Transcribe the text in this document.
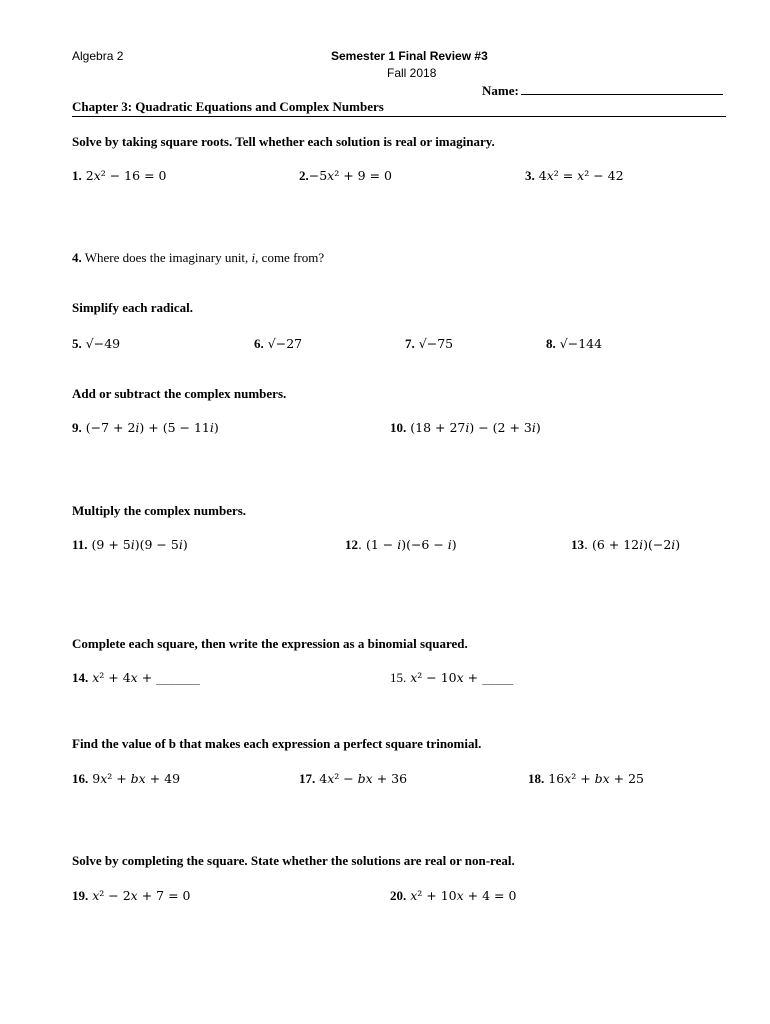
Algebra 2	Semester 1 Final Review #3
Fall 2018
Name:
Chapter 3: Quadratic Equations and Complex Numbers
Solve by taking square roots. Tell whether each solution is real or imaginary.
1. 2𝑥² − 16 = 0	2.−5𝑥² + 9 = 0	3. 4𝑥² = 𝑥² − 42
4. Where does the imaginary unit, i, come from?
Simplify each radical.
5. √−49	6. √−27	7. √−75	8. √−144
Add or subtract the complex numbers.
9. (−7 + 2𝑖) + (5 − 11𝑖)	10. (18 + 27𝑖) − (2 + 3𝑖)
Multiply the complex numbers.
11. (9 + 5𝑖)(9 − 5𝑖)	12. (1 − 𝑖)(−6 − 𝑖)	13. (6 + 12𝑖)(−2𝑖)
Complete each square, then write the expression as a binomial squared.
14. 𝑥² + 4𝑥 + _______	15. 𝑥² − 10𝑥 + _____
Find the value of b that makes each expression a perfect square trinomial.
16. 9𝑥² + 𝑏𝑥 + 49	17. 4𝑥² − 𝑏𝑥 + 36	18. 16𝑥² + 𝑏𝑥 + 25
Solve by completing the square. State whether the solutions are real or non-real.
19. 𝑥² − 2𝑥 + 7 = 0	20. 𝑥² + 10𝑥 + 4 = 0
